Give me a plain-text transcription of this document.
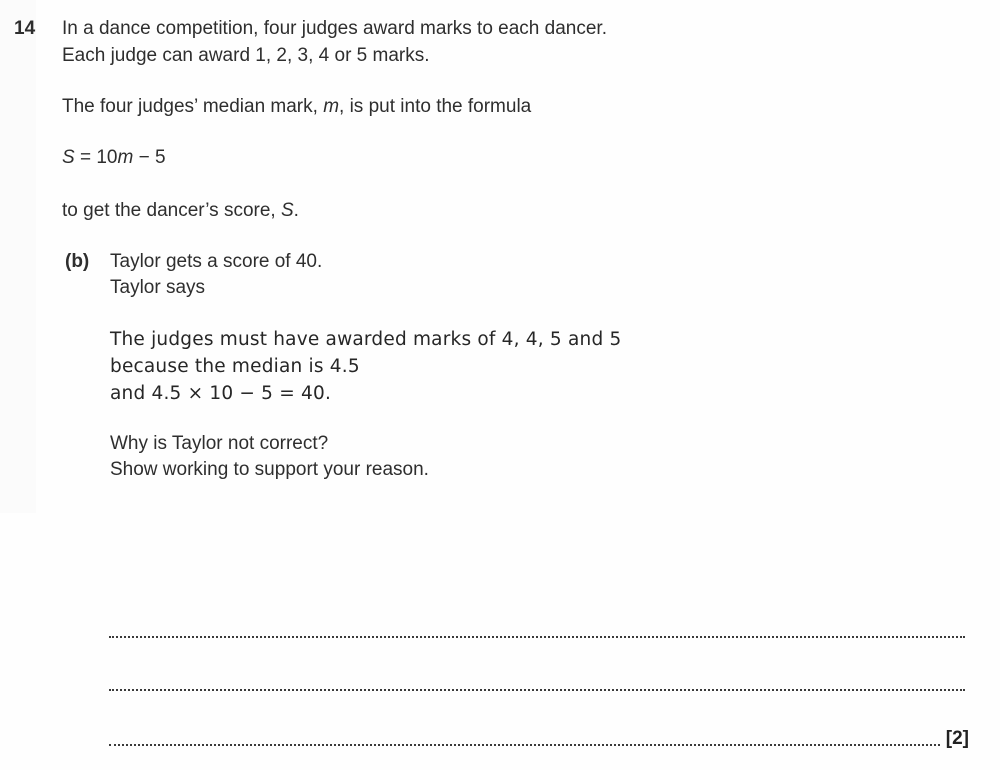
14 In a dance competition, four judges award marks to each dancer.
Each judge can award 1, 2, 3, 4 or 5 marks.
The four judges’ median mark, m, is put into the formula
S = 10m − 5
to get the dancer’s score, S.
(b) Taylor gets a score of 40.
Taylor says
The judges must have awarded marks of 4, 4, 5 and 5
because the median is 4.5
and 4.5 × 10 − 5 = 40.
Why is Taylor not correct?
Show working to support your reason.
[2]
